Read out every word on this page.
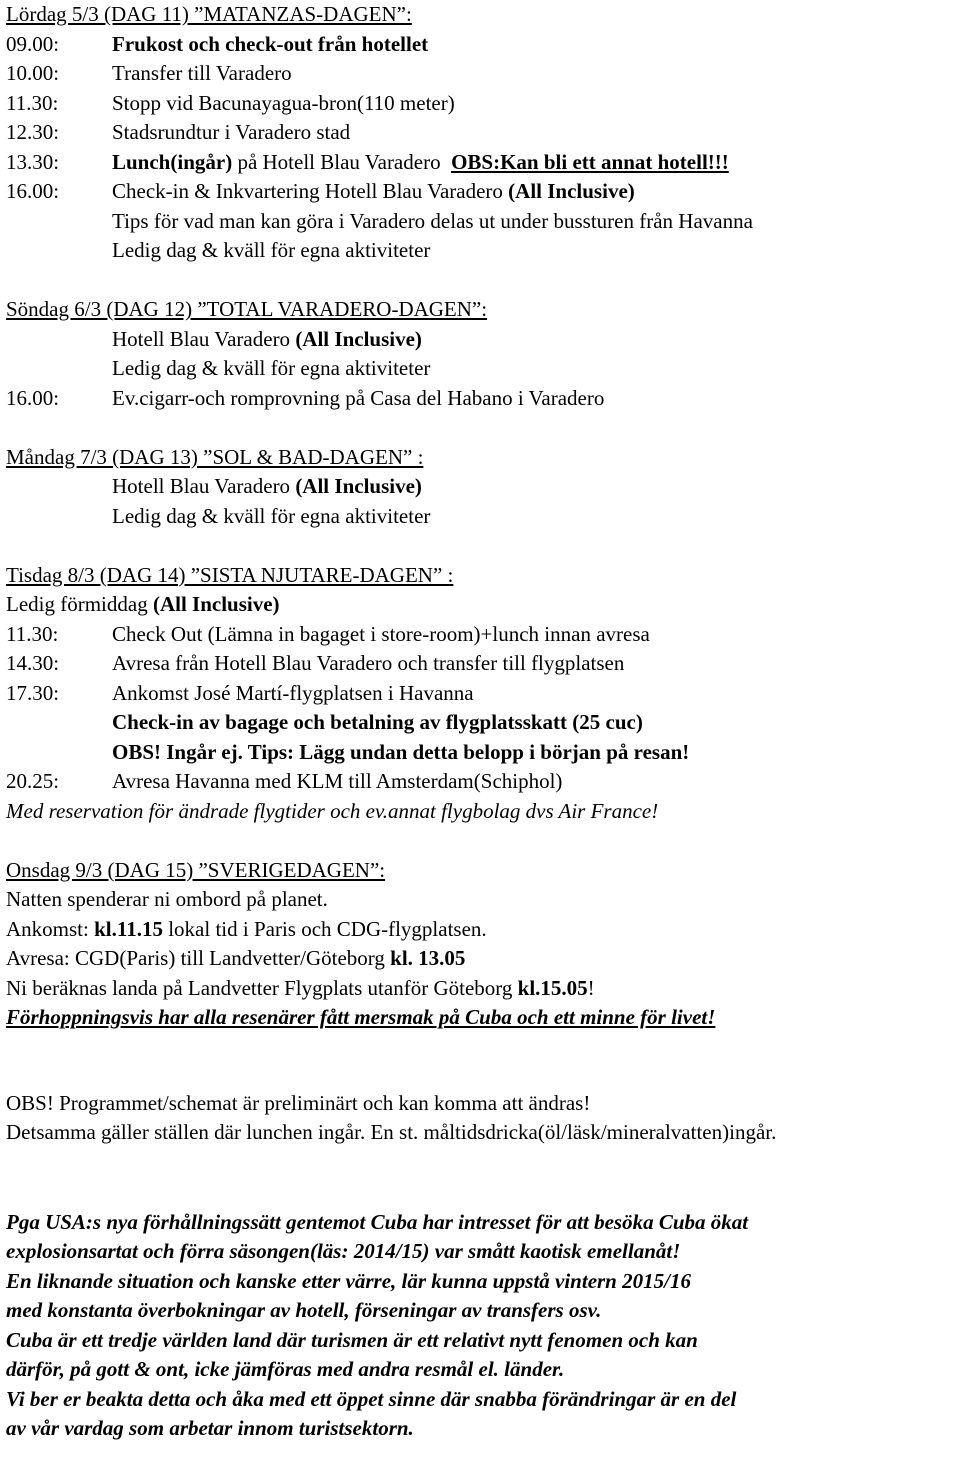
Lördag 5/3 (DAG 11) ”MATANZAS-DAGEN”:
09.00:	Frukost och check-out från hotellet
10.00:	Transfer till Varadero
11.30:	Stopp vid Bacunayagua-bron(110 meter)
12.30:	Stadsrundtur i Varadero stad
13.30:	Lunch(ingår) på Hotell Blau Varadero  OBS:Kan bli ett annat hotell!!!
16.00:	Check-in & Inkvartering Hotell Blau Varadero (All Inclusive)
Tips för vad man kan göra i Varadero delas ut under bussturen från Havanna
Ledig dag & kväll för egna aktiviteter
Söndag 6/3 (DAG 12) ”TOTAL VARADERO-DAGEN”:
Hotell Blau Varadero (All Inclusive)
Ledig dag & kväll för egna aktiviteter
16.00:	Ev.cigarr-och romprovning på Casa del Habano i Varadero
Måndag 7/3 (DAG 13) ”SOL & BAD-DAGEN” :
Hotell Blau Varadero (All Inclusive)
Ledig dag & kväll för egna aktiviteter
Tisdag 8/3 (DAG 14) ”SISTA NJUTARE-DAGEN” :
Ledig förmiddag (All Inclusive)
11.30:	Check Out (Lämna in bagaget i store-room)+lunch innan avresa
14.30:	Avresa från Hotell Blau Varadero och transfer till flygplatsen
17.30:	Ankomst José Martí-flygplatsen i Havanna
Check-in av bagage och betalning av flygplatsskatt (25 cuc)
OBS! Ingår ej. Tips: Lägg undan detta belopp i början på resan!
20.25:	Avresa Havanna med KLM till Amsterdam(Schiphol)
Med reservation för ändrade flygtider och ev.annat flygbolag dvs Air France!
Onsdag 9/3 (DAG 15) ”SVERIGEDAGEN”:
Natten spenderar ni ombord på planet.
Ankomst: kl.11.15 lokal tid i Paris och CDG-flygplatsen.
Avresa: CGD(Paris) till Landvetter/Göteborg kl. 13.05
Ni beräknas landa på Landvetter Flygplats utanför Göteborg kl.15.05!
Förhoppningsvis har alla resenärer fått mersmak på Cuba och ett minne för livet!
OBS! Programmet/schemat är preliminärt och kan komma att ändras!
Detsamma gäller ställen där lunchen ingår. En st. måltidsdricka(öl/läsk/mineralvatten)ingår.
Pga USA:s nya förhållningssätt gentemot Cuba har intresset för att besöka Cuba ökat
explosionsartat och förra säsongen(läs: 2014/15) var smått kaotisk emellanåt!
En liknande situation och kanske etter värre, lär kunna uppstå vintern 2015/16
med konstanta överbokningar av hotell, förseningar av transfers osv.
Cuba är ett tredje världen land där turismen är ett relativt nytt fenomen och kan
därför, på gott & ont, icke jämföras med andra resmål el. länder.
Vi ber er beakta detta och åka med ett öppet sinne där snabba förändringar är en del
av vår vardag som arbetar innom turistsektorn.
